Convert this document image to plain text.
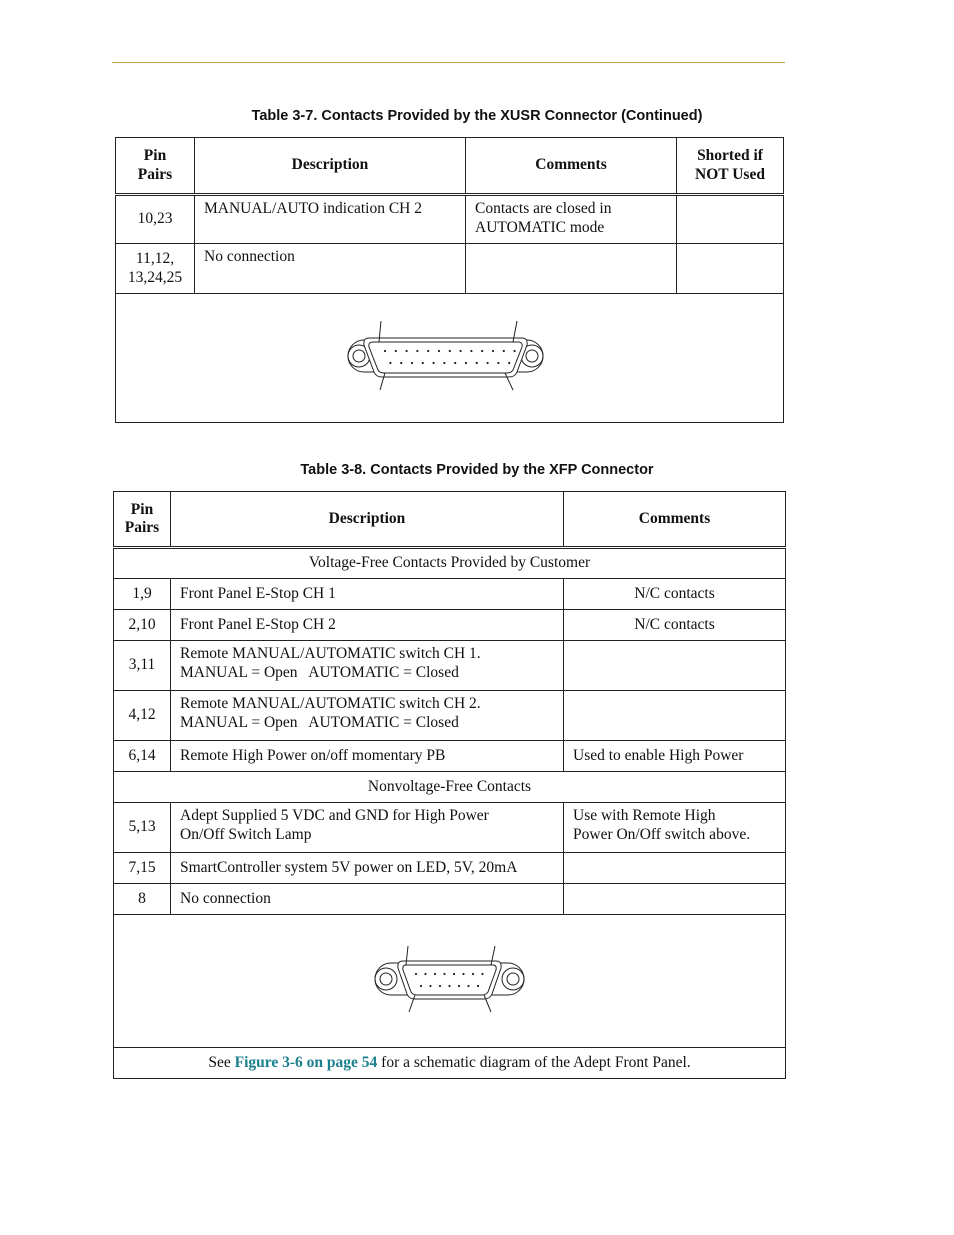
Table 3-7. Contacts Provided by the XUSR Connector (Continued)
Pin
Pairs	Description	Comments	Shorted if
NOT Used
10,23	MANUAL/AUTO indication CH 2	Contacts are closed in
AUTOMATIC mode	
11,12,
13,24,25	No connection		

Table 3-8. Contacts Provided by the XFP Connector
Pin
Pairs	Description	Comments
Voltage-Free Contacts Provided by Customer		
1,9	Front Panel E-Stop CH 1	N/C contacts
2,10	Front Panel E-Stop CH 2	N/C contacts
3,11	Remote MANUAL/AUTOMATIC switch CH 1.
MANUAL = Open   AUTOMATIC = Closed	
4,12	Remote MANUAL/AUTOMATIC switch CH 2.
MANUAL = Open   AUTOMATIC = Closed	
6,14	Remote High Power on/off momentary PB	Used to enable High Power
Nonvoltage-Free Contacts		
5,13	Adept Supplied 5 VDC and GND for High Power
On/Off Switch Lamp	Use with Remote High
Power On/Off switch above.
7,15	SmartController system 5V power on LED, 5V, 20mA	
8	No connection	

See Figure 3-6 on page 54 for a schematic diagram of the Adept Front Panel.		
